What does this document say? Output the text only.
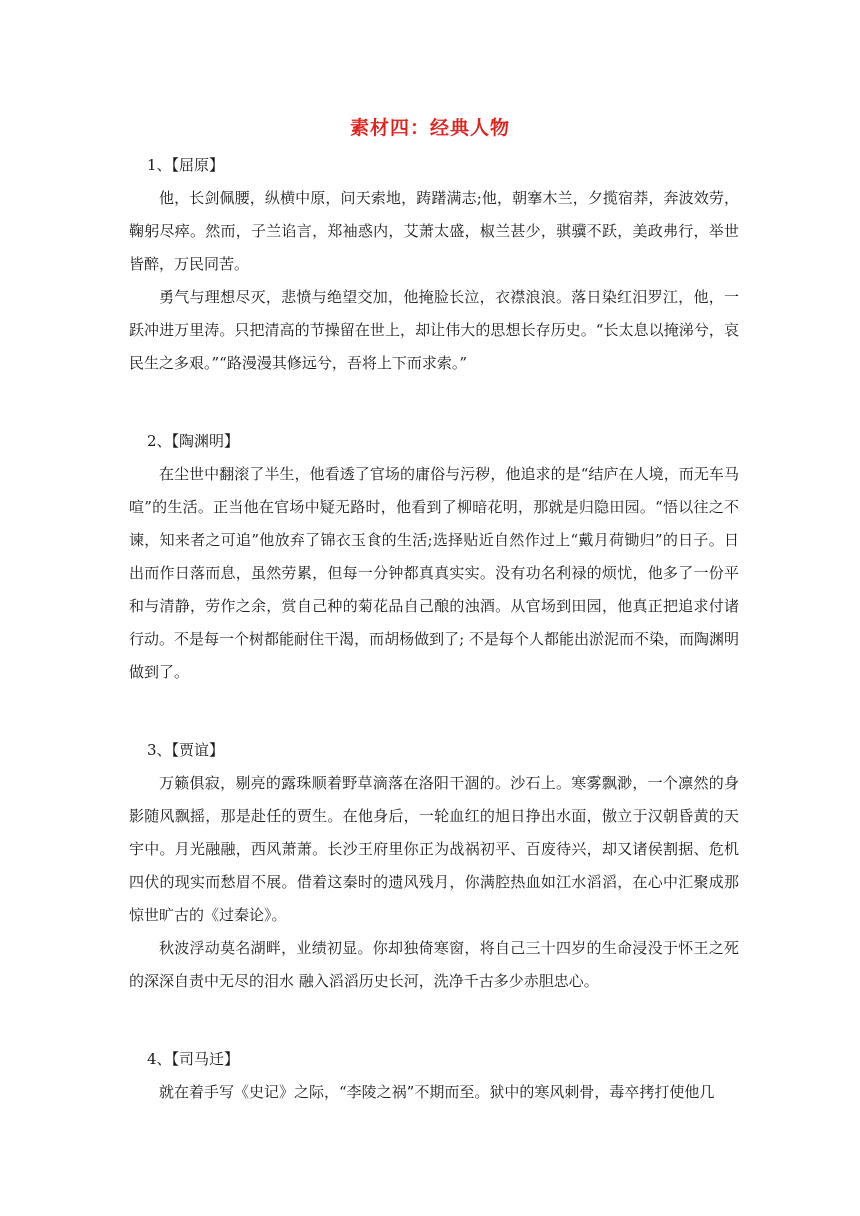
素材四：经典人物
1、【屈原】

他，长剑佩腰，纵横中原，问天索地，踌躇满志;他，朝搴木兰，夕揽宿莽，奔波效劳，鞠躬尽瘁。然而，子兰谄言，郑袖惑内，艾萧太盛，椒兰甚少，骐骥不跃，美政弗行，举世皆醉，万民同苦。

勇气与理想尽灭，悲愤与绝望交加，他掩脸长泣，衣襟浪浪。落日染红汨罗江，他，一跃冲进万里涛。只把清高的节操留在世上，却让伟大的思想长存历史。“长太息以掩涕兮，哀民生之多艰。”“路漫漫其修远兮，吾将上下而求索。”

2、【陶渊明】

在尘世中翻滚了半生，他看透了官场的庸俗与污秽，他追求的是“结庐在人境，而无车马喧”的生活。正当他在官场中疑无路时，他看到了柳暗花明，那就是归隐田园。“悟以往之不谏，知来者之可追”他放弃了锦衣玉食的生活;选择贴近自然作过上“戴月荷锄归”的日子。日出而作日落而息，虽然劳累，但每一分钟都真真实实。没有功名利禄的烦忧，他多了一份平和与清静，劳作之余，赏自己种的菊花品自己酿的浊酒。从官场到田园，他真正把追求付诸行动。不是每一个树都能耐住干渴，而胡杨做到了; 不是每个人都能出淤泥而不染，而陶渊明做到了。

3、【贾谊】

万籁俱寂，剔亮的露珠顺着野草滴落在洛阳干涸的。沙石上。寒雾飘渺，一个凛然的身影随风飘摇，那是赴任的贾生。在他身后，一轮血红的旭日挣出水面，傲立于汉朝昏黄的天宇中。月光融融，西风萧萧。长沙王府里你正为战祸初平、百废待兴，却又诸侯割据、危机四伏的现实而愁眉不展。借着这秦时的遗风残月，你满腔热血如江水滔滔，在心中汇聚成那惊世旷古的《过秦论》。

秋波浮动莫名湖畔，业绩初显。你却独倚寒窗，将自己三十四岁的生命浸没于怀王之死的深深自责中无尽的泪水 融入滔滔历史长河，洗净千古多少赤胆忠心。

4、【司马迁】

就在着手写《史记》之际，“李陵之祸”不期而至。狱中的寒风刺骨，毒卒拷打使他几
